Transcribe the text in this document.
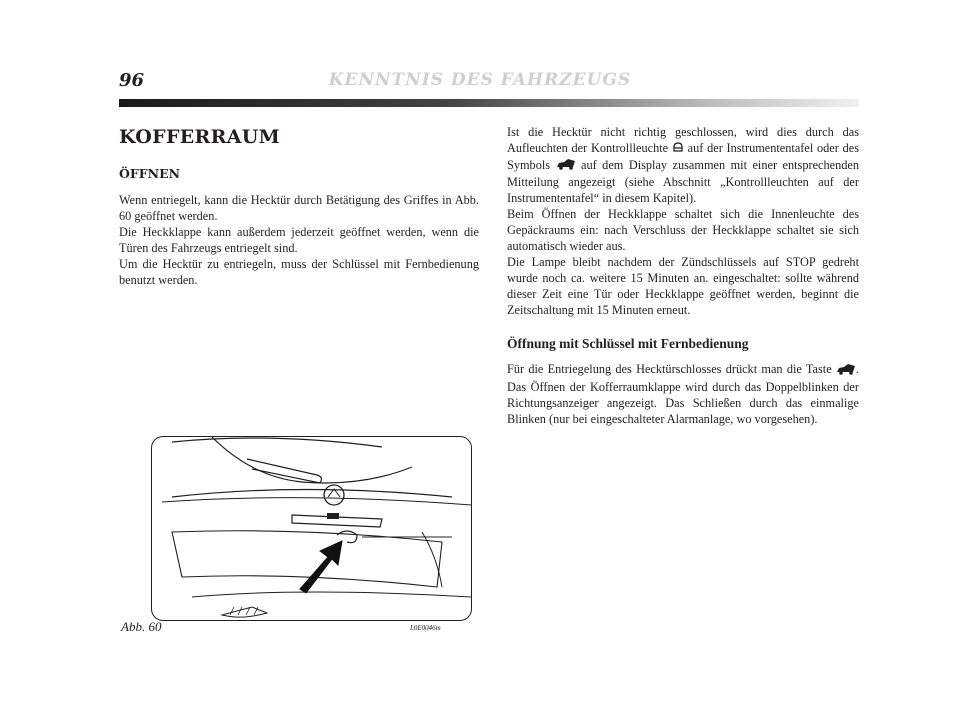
96	KENNTNIS DES FAHRZEUGS
KOFFERRAUM
ÖFFNEN

Wenn entriegelt, kann die Hecktür durch Betätigung des Griffes in Abb. 60 geöffnet werden.

Die Heckklappe kann außerdem jederzeit geöffnet werden, wenn die Türen des Fahrzeugs entriegelt sind.

Um die Hecktür zu entriegeln, muss der Schlüssel mit Fernbedienung benutzt werden.

Ist die Hecktür nicht richtig geschlossen, wird dies durch das Aufleuchten der Kontrollleuchte  auf der Instrumententafel oder des Symbols  auf dem Display zusammen mit einer entsprechenden Mitteilung angezeigt (siehe Abschnitt „Kontrollleuchten auf der Instrumententafel“ in diesem Kapitel).

Beim Öffnen der Heckklappe schaltet sich die Innenleuchte des Gepäckraums ein: nach Verschluss der Heckklappe schaltet sie sich automatisch wieder aus.

Die Lampe bleibt nachdem der Zündschlüssels auf STOP gedreht wurde noch ca. weitere 15 Minuten an. eingeschaltet: sollte während dieser Zeit eine Tür oder Heckklappe geöffnet werden, beginnt die Zeitschaltung mit 15 Minuten erneut.

Öffnung mit Schlüssel mit Fernbedienung

Für die Entriegelung des Hecktürschlosses drückt man die Taste . Das Öffnen der Kofferraumklappe wird durch das Doppelblinken der Richtungsanzeiger angezeigt. Das Schließen durch das einmalige Blinken (nur bei eingeschalteter Alarmanlage, wo vorgesehen).

Abb. 60	L0E0046m
